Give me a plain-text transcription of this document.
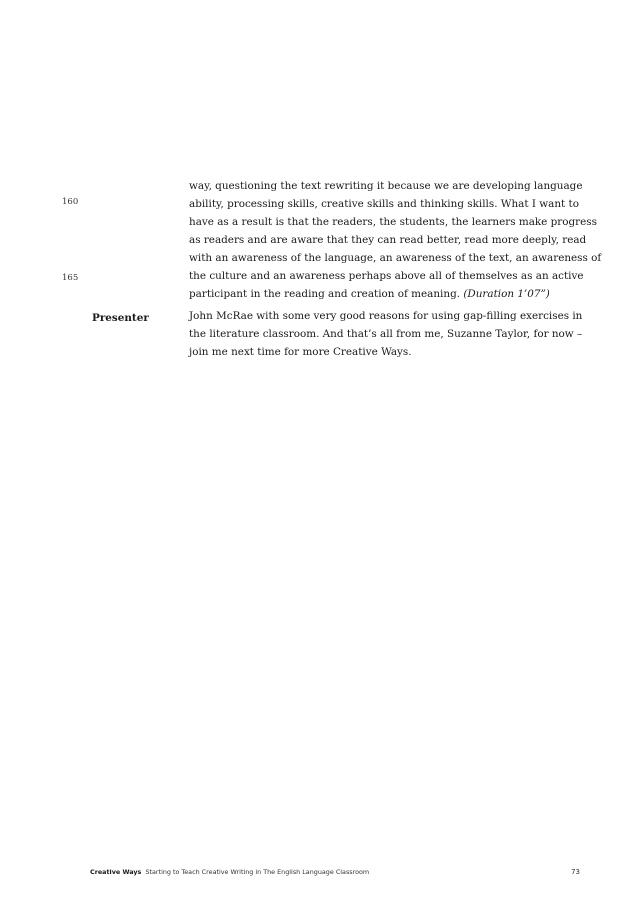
160
165
way, questioning the text rewriting it because we are developing language
ability, processing skills, creative skills and thinking skills. What I want to
have as a result is that the readers, the students, the learners make progress
as readers and are aware that they can read better, read more deeply, read
with an awareness of the language, an awareness of the text, an awareness of
the culture and an awareness perhaps above all of themselves as an active
participant in the reading and creation of meaning. (Duration 1’07”)
Presenter	John McRae with some very good reasons for using gap-filling exercises in
the literature classroom. And that’s all from me, Suzanne Taylor, for now –
join me next time for more Creative Ways.
Creative Ways Starting to Teach Creative Writing in The English Language Classroom	73
